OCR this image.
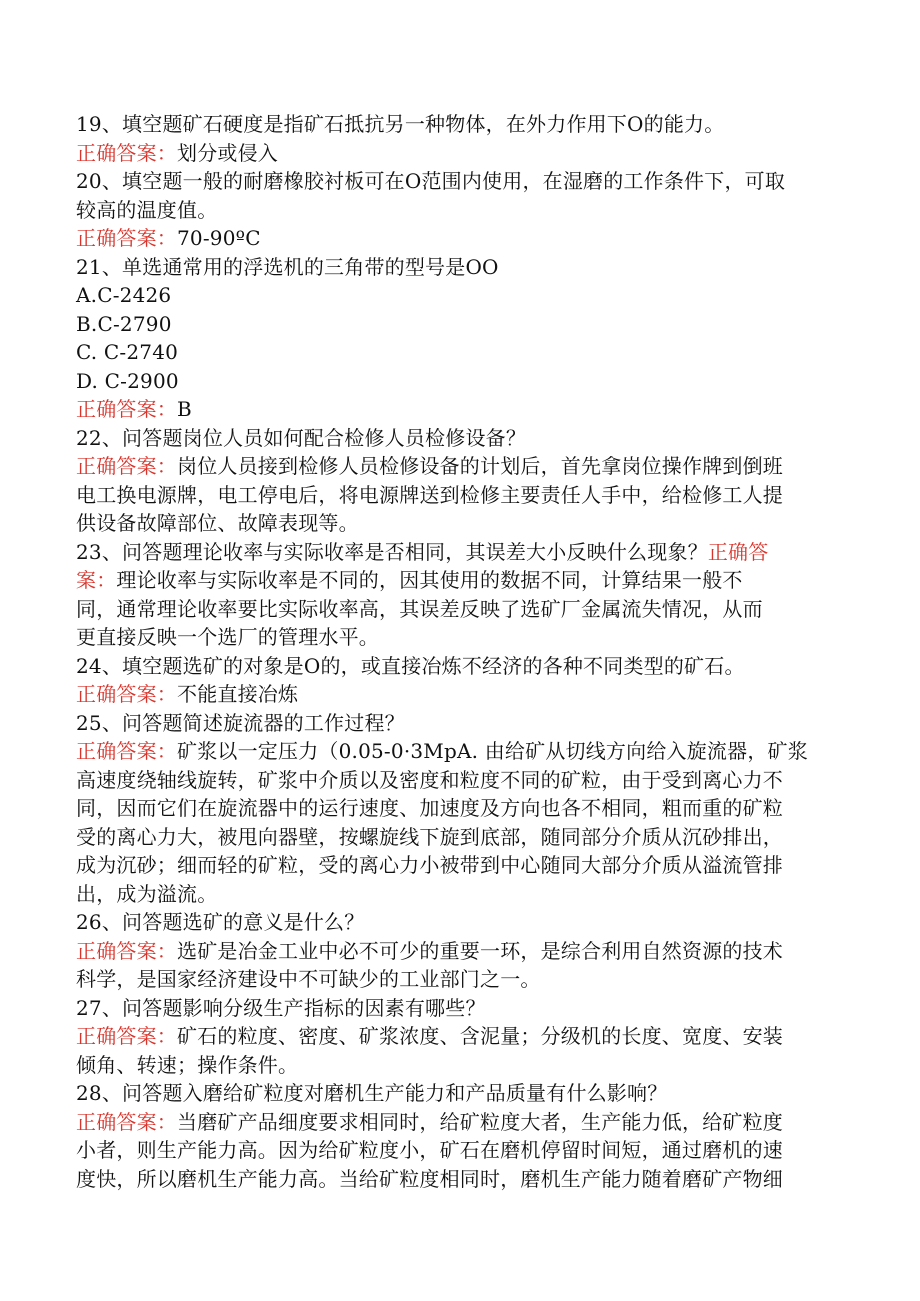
19、填空题矿石硬度是指矿石抵抗另一种物体，在外力作用下O的能力。
正确答案：划分或侵入
20、填空题一般的耐磨橡胶衬板可在O范围内使用，在湿磨的工作条件下，可取
较高的温度值。
正确答案：70-90ºC
21、单选通常用的浮选机的三角带的型号是OO
A.C-2426
B.C-2790
C. C-2740
D. C-2900
正确答案：B
22、问答题岗位人员如何配合检修人员检修设备？
正确答案：岗位人员接到检修人员检修设备的计划后，首先拿岗位操作牌到倒班
电工换电源牌，电工停电后，将电源牌送到检修主要责任人手中，给检修工人提
供设备故障部位、故障表现等。
23、问答题理论收率与实际收率是否相同，其误差大小反映什么现象？正确答
案：理论收率与实际收率是不同的，因其使用的数据不同，计算结果一般不
同，通常理论收率要比实际收率高，其误差反映了选矿厂金属流失情况，从而
更直接反映一个选厂的管理水平。
24、填空题选矿的对象是O的，或直接冶炼不经济的各种不同类型的矿石。
正确答案：不能直接冶炼
25、问答题简述旋流器的工作过程？
正确答案：矿浆以一定压力（0.05-0·3MpA. 由给矿从切线方向给入旋流器，矿浆
高速度绕轴线旋转，矿浆中介质以及密度和粒度不同的矿粒，由于受到离心力不
同，因而它们在旋流器中的运行速度、加速度及方向也各不相同，粗而重的矿粒
受的离心力大，被甩向器壁，按螺旋线下旋到底部，随同部分介质从沉砂排出，
成为沉砂；细而轻的矿粒，受的离心力小被带到中心随同大部分介质从溢流管排
出，成为溢流。
26、问答题选矿的意义是什么？
正确答案：选矿是冶金工业中必不可少的重要一环，是综合利用自然资源的技术
科学，是国家经济建设中不可缺少的工业部门之一。
27、问答题影响分级生产指标的因素有哪些？
正确答案：矿石的粒度、密度、矿浆浓度、含泥量；分级机的长度、宽度、安装
倾角、转速；操作条件。
28、问答题入磨给矿粒度对磨机生产能力和产品质量有什么影响？
正确答案：当磨矿产品细度要求相同时，给矿粒度大者，生产能力低，给矿粒度
小者，则生产能力高。因为给矿粒度小，矿石在磨机停留时间短，通过磨机的速
度快，所以磨机生产能力高。当给矿粒度相同时，磨机生产能力随着磨矿产物细
